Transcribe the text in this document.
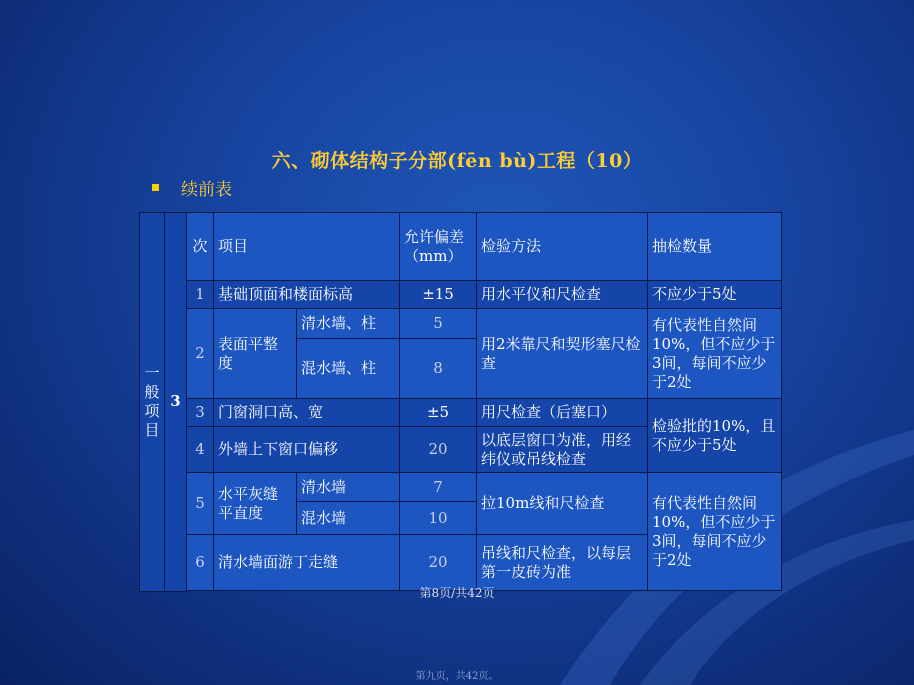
六、砌体结构子分部(fēn bù)工程（10）
续前表
一般项目	3	次	项目		允许偏差（mm）	检验方法	抽检数量
		1	基础顶面和楼面标高		±15	用水平仪和尺检查	不应少于5处
		2	表面平整度	清水墙、柱	5	用2米靠尺和契形塞尺检查	有代表性自然间10%，但不应少于3间，每间不应少于2处
				混水墙、柱	8		
		3	门窗洞口高、宽		±5	用尺检查（后塞口）	检验批的10%，且不应少于5处
		4	外墙上下窗口偏移		20	以底层窗口为准，用经纬仪或吊线检查	
		5	水平灰缝平直度	清水墙	7	拉10m线和尺检查	有代表性自然间10%，但不应少于3间，每间不应少于2处
				混水墙	10		
		6	清水墙面游丁走缝		20	吊线和尺检查，以每层第一皮砖为准	

第8页/共42页
第九页，共42页。
